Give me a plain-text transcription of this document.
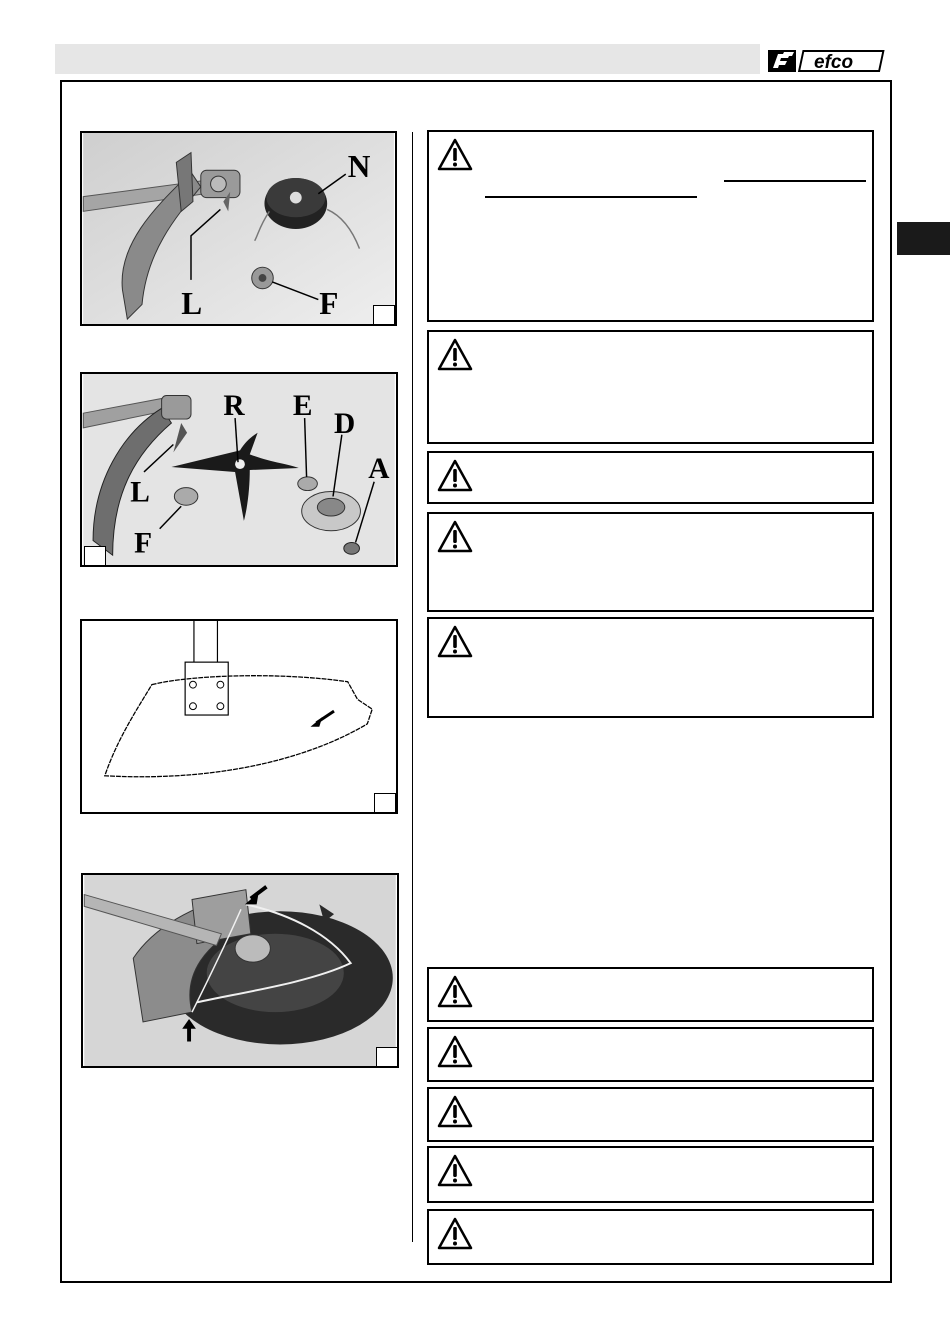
efco
N
L	F
R E
D
A
L
F
